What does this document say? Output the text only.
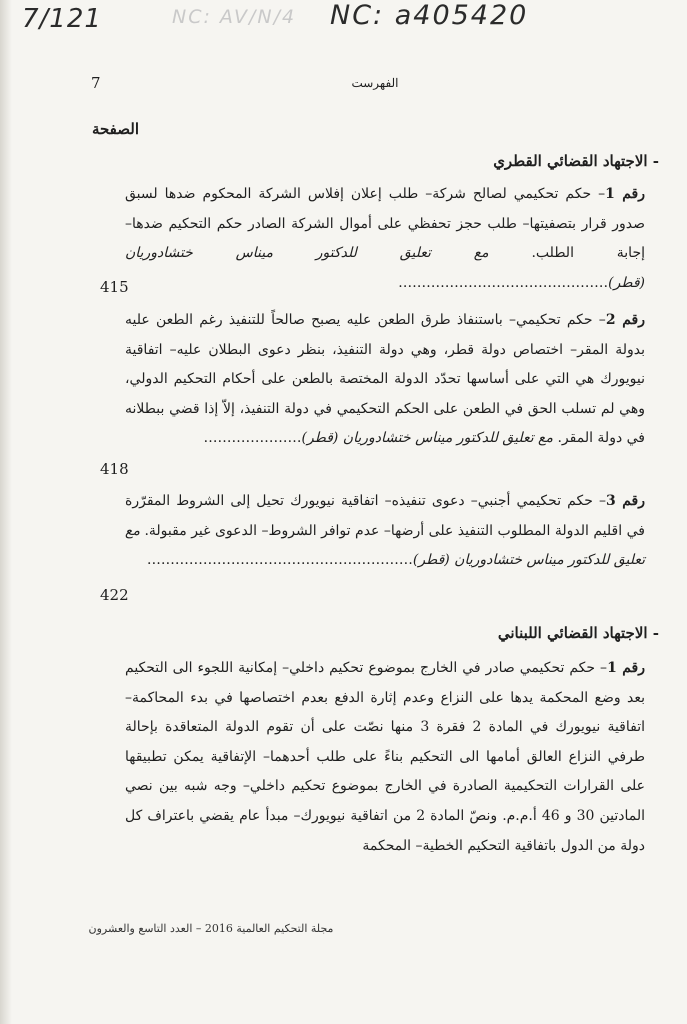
7/121	NC: AV/N/4 NC: a405420
7	الفهرست
الصفحة
- الاجتهاد القضائي القطري
رقم 1– حكم تحكيمي لصالح شركة– طلب إعلان إفلاس الشركة المحكوم ضدها لسبق صدور قرار بتصفيتها– طلب حجز تحفظي على أموال الشركة الصادر حكم التحكيم ضدها– إجابة الطلب. مع تعليق للدكتور ميناس ختشادوريان (قطر)………………………………………
415
رقم 2– حكم تحكيمي– باستنفاذ طرق الطعن عليه يصبح صالحاً للتنفيذ رغم الطعن عليه بدولة المقر– اختصاص دولة قطر، وهي دولة التنفيذ، بنظر دعوى البطلان عليه– اتفاقية نيويورك هي التي على أساسها تحدّد الدولة المختصة بالطعن على أحكام التحكيم الدولي، وهي لم تسلب الحق في الطعن على الحكم التحكيمي في دولة التنفيذ، إلاّ إذا قضي ببطلانه في دولة المقر. مع تعليق للدكتور ميناس ختشادوريان (قطر)…………………
418
رقم 3– حكم تحكيمي أجنبي– دعوى تنفيذه– اتفاقية نيويورك تحيل إلى الشروط المقرّرة في اقليم الدولة المطلوب التنفيذ على أرضها– عدم توافر الشروط– الدعوى غير مقبولة. مع تعليق للدكتور ميناس ختشادوريان (قطر)…………………………………………………
422
- الاجتهاد القضائي اللبناني
رقم 1– حكم تحكيمي صادر في الخارج بموضوع تحكيم داخلي– إمكانية اللجوء الى التحكيم بعد وضع المحكمة يدها على النزاع وعدم إثارة الدفع بعدم اختصاصها في بدء المحاكمة– اتفاقية نيويورك في المادة 2 فقرة 3 منها نصّت على أن تقوم الدولة المتعاقدة بإحالة طرفي النزاع العالق أمامها الى التحكيم بناءً على طلب أحدهما– الإتفاقية يمكن تطبيقها على القرارات التحكيمية الصادرة في الخارج بموضوع تحكيم داخلي– وجه شبه بين نصي المادتين 30 و 46 أ.م.م. ونصّ المادة 2 من اتفاقية نيويورك– مبدأ عام يقضي باعتراف كل دولة من الدول باتفاقية التحكيم الخطية– المحكمة
مجلة التحكيم العالمية 2016 – العدد التاسع والعشرون
